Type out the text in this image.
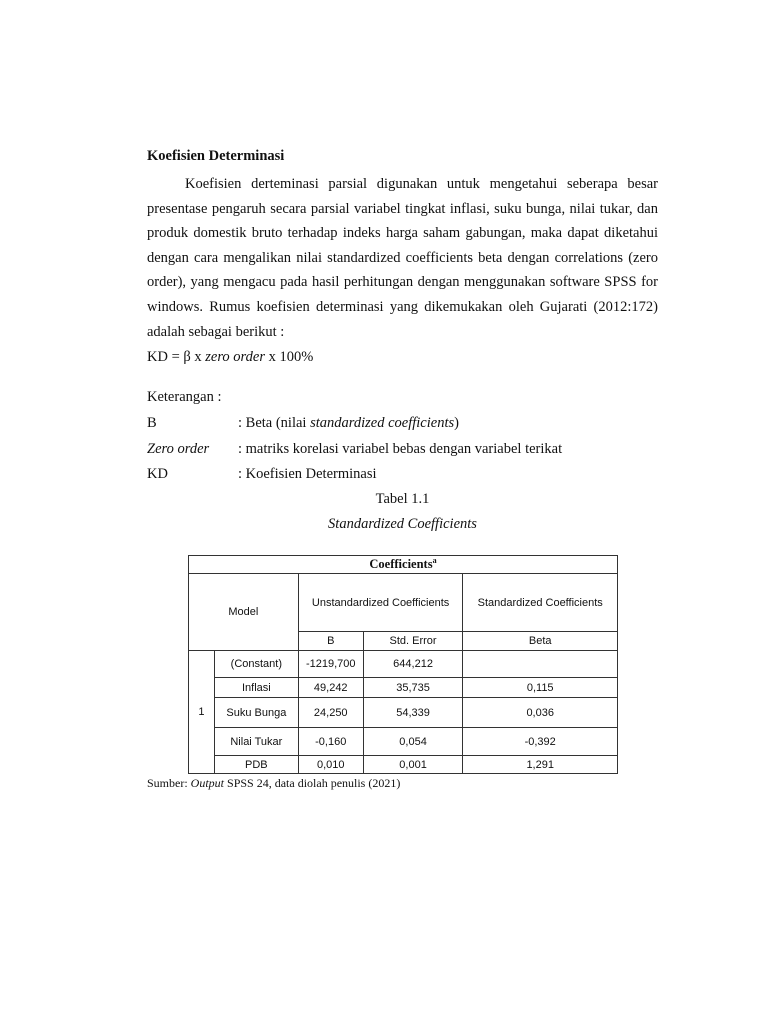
Koefisien Determinasi

Koefisien derteminasi parsial digunakan untuk mengetahui seberapa besar presentase pengaruh secara parsial variabel tingkat inflasi, suku bunga, nilai tukar, dan produk domestik bruto terhadap indeks harga saham gabungan, maka dapat diketahui dengan cara mengalikan nilai standardized coefficients beta dengan correlations (zero order), yang mengacu pada hasil perhitungan dengan menggunakan software SPSS for windows. Rumus koefisien determinasi yang dikemukakan oleh Gujarati (2012:172) adalah sebagai berikut :

KD = β x zero order x 100%
Keterangan :
B	: Beta (nilai standardized coefficients)
Zero order : matriks korelasi variabel bebas dengan variabel terikat
KD	: Koefisien Determinasi
Tabel 1.1
Standardized Coefficients
Coefficients$^a$
Model		Unstandardized Coefficients		Standardized Coefficients
		B	Std. Error	Beta
1	(Constant)	-1219,700	644,212	
	Inflasi	49,242	35,735	0,115
	Suku Bunga	24,250	54,339	0,036
	Nilai Tukar	-0,160	0,054	-0,392
	PDB	0,010	0,001	1,291
Sumber: Output SPSS 24, data diolah penulis (2021)
